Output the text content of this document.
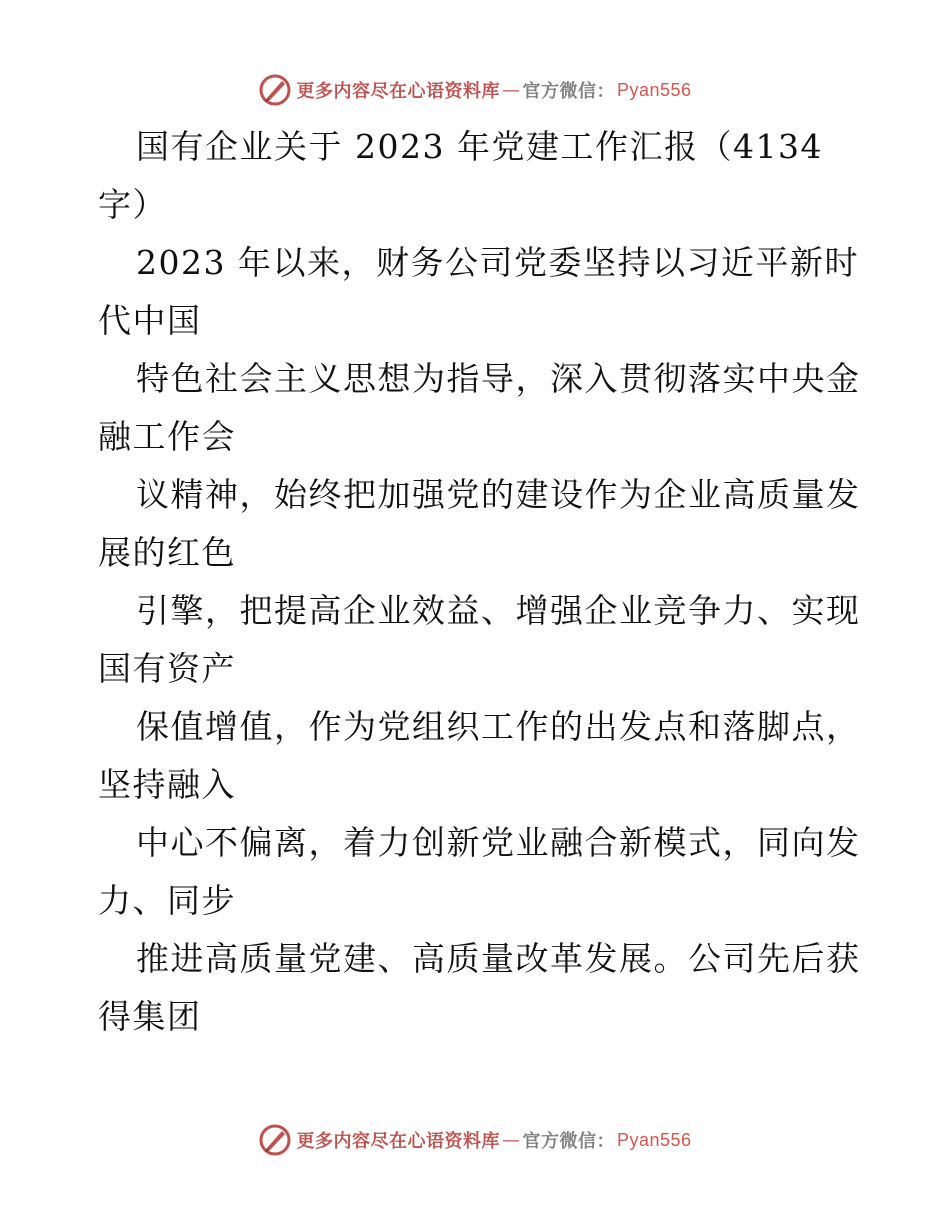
更多内容尽在心语资料库 — 官方微信： Pyan556

国有企业关于 2023 年党建工作汇报（4134
字）

2023 年以来，财务公司党委坚持以习近平新时
代中国

特色社会主义思想为指导，深入贯彻落实中央金
融工作会

议精神，始终把加强党的建设作为企业高质量发
展的红色

引擎，把提高企业效益、增强企业竞争力、实现
国有资产

保值增值，作为党组织工作的出发点和落脚点，
坚持融入

中心不偏离，着力创新党业融合新模式，同向发
力、同步

推进高质量党建、高质量改革发展。公司先后获
得集团

更多内容尽在心语资料库 — 官方微信： Pyan556
